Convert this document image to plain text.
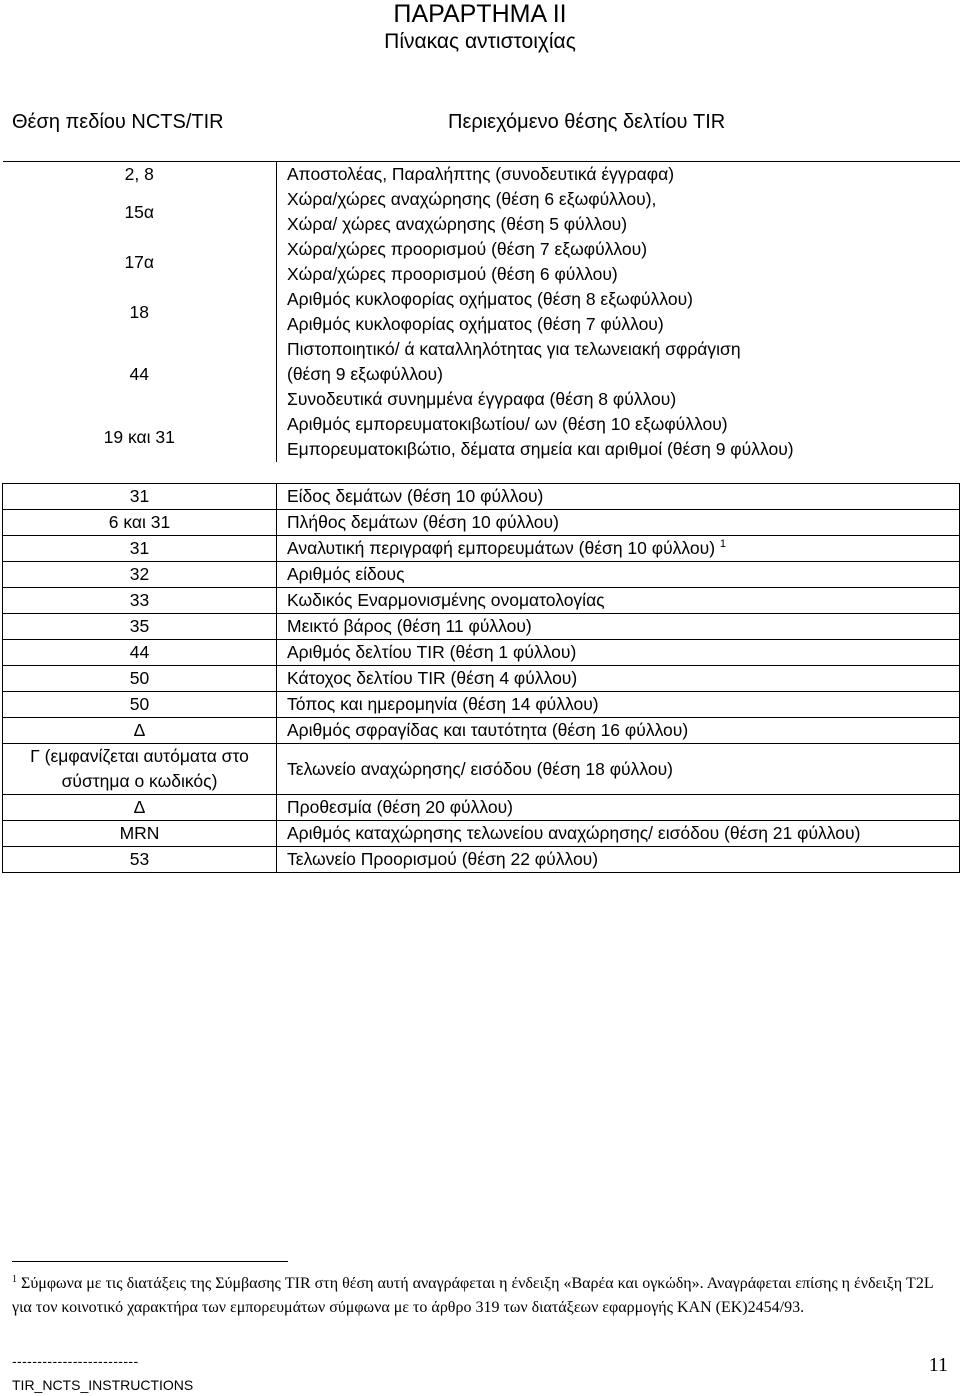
ΠΑΡΑΡΤΗΜΑ ΙΙ
Πίνακας αντιστοιχίας
Θέση πεδίου NCTS/TIR	Περιεχόμενο θέσης δελτίου TIR
2, 8	Αποστολέας, Παραλήπτης (συνοδευτικά έγγραφα)

15α	Χώρα/χώρες αναχώρησης (θέση 6 εξωφύλλου),
Χώρα/ χώρες αναχώρησης (θέση 5 φύλλου)

17α	Χώρα/χώρες προορισμού (θέση 7 εξωφύλλου)
Χώρα/χώρες προορισμού (θέση 6 φύλλου)

18	Αριθμός κυκλοφορίας οχήματος (θέση 8 εξωφύλλου)
Αριθμός κυκλοφορίας οχήματος (θέση 7 φύλλου)

44	Πιστοποιητικό/ ά καταλληλότητας για τελωνειακή σφράγιση
(θέση 9 εξωφύλλου)
Συνοδευτικά συνημμένα έγγραφα (θέση 8 φύλλου)

19 και 31	Αριθμός εμπορευματοκιβωτίου/ ων (θέση 10 εξωφύλλου)
Εμπορευματοκιβώτιο, δέματα σημεία και αριθμοί (θέση 9 φύλλου)

31	Είδος δεμάτων (θέση 10 φύλλου)
6 και 31	Πλήθος δεμάτων (θέση 10 φύλλου)
31	Αναλυτική περιγραφή εμπορευμάτων (θέση 10 φύλλου) $^1$
32	Αριθμός είδους
33	Κωδικός Εναρμονισμένης ονοματολογίας
35	Μεικτό βάρος (θέση 11 φύλλου)
44	Αριθμός δελτίου TIR (θέση 1 φύλλου)
50	Κάτοχος δελτίου TIR (θέση 4 φύλλου)
50	Τόπος και ημερομηνία (θέση 14 φύλλου)
Δ	Αριθμός σφραγίδας και ταυτότητα (θέση 16 φύλλου)
Γ (εμφανίζεται αυτόματα στο σύστημα ο κωδικός)	Τελωνείο αναχώρησης/ εισόδου (θέση 18 φύλλου)
Δ	Προθεσμία (θέση 20 φύλλου)
MRN	Αριθμός καταχώρησης τελωνείου αναχώρησης/ εισόδου (θέση 21 φύλλου)
53	Τελωνείο Προορισμού (θέση 22 φύλλου)
$^1$ Σύμφωνα με τις διατάξεις της Σύμβασης TIR στη θέση αυτή αναγράφεται η ένδειξη «Βαρέα και ογκώδη». Αναγράφεται επίσης η ένδειξη T2L για τον κοινοτικό χαρακτήρα των εμπορευμάτων σύμφωνα με το άρθρο 319 των διατάξεων εφαρμογής ΚΑΝ (ΕΚ)2454/93.
-------------------------
TIR_NCTS_INSTRUCTIONS
11
